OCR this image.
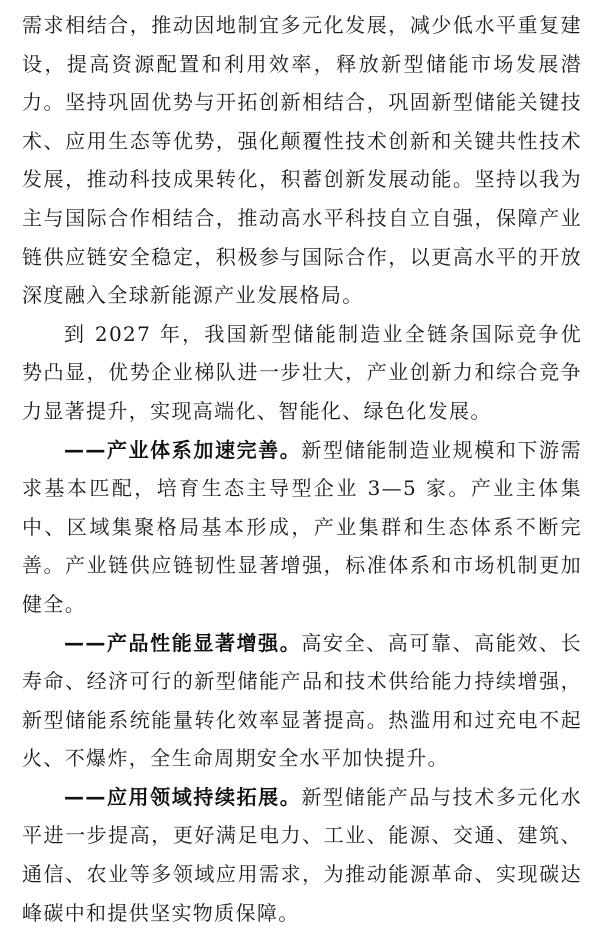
需求相结合，推动因地制宜多元化发展，减少低水平重复建设，提高资源配置和利用效率，释放新型储能市场发展潜力。坚持巩固优势与开拓创新相结合，巩固新型储能关键技术、应用生态等优势，强化颠覆性技术创新和关键共性技术发展，推动科技成果转化，积蓄创新发展动能。坚持以我为主与国际合作相结合，推动高水平科技自立自强，保障产业链供应链安全稳定，积极参与国际合作，以更高水平的开放深度融入全球新能源产业发展格局。

到 2027 年，我国新型储能制造业全链条国际竞争优势凸显，优势企业梯队进一步壮大，产业创新力和综合竞争力显著提升，实现高端化、智能化、绿色化发展。

——产业体系加速完善。新型储能制造业规模和下游需求基本匹配，培育生态主导型企业 3—5 家。产业主体集中、区域集聚格局基本形成，产业集群和生态体系不断完善。产业链供应链韧性显著增强，标准体系和市场机制更加健全。

——产品性能显著增强。高安全、高可靠、高能效、长寿命、经济可行的新型储能产品和技术供给能力持续增强，新型储能系统能量转化效率显著提高。热滥用和过充电不起火、不爆炸，全生命周期安全水平加快提升。

——应用领域持续拓展。新型储能产品与技术多元化水平进一步提高，更好满足电力、工业、能源、交通、建筑、通信、农业等多领域应用需求，为推动能源革命、实现碳达峰碳中和提供坚实物质保障。
